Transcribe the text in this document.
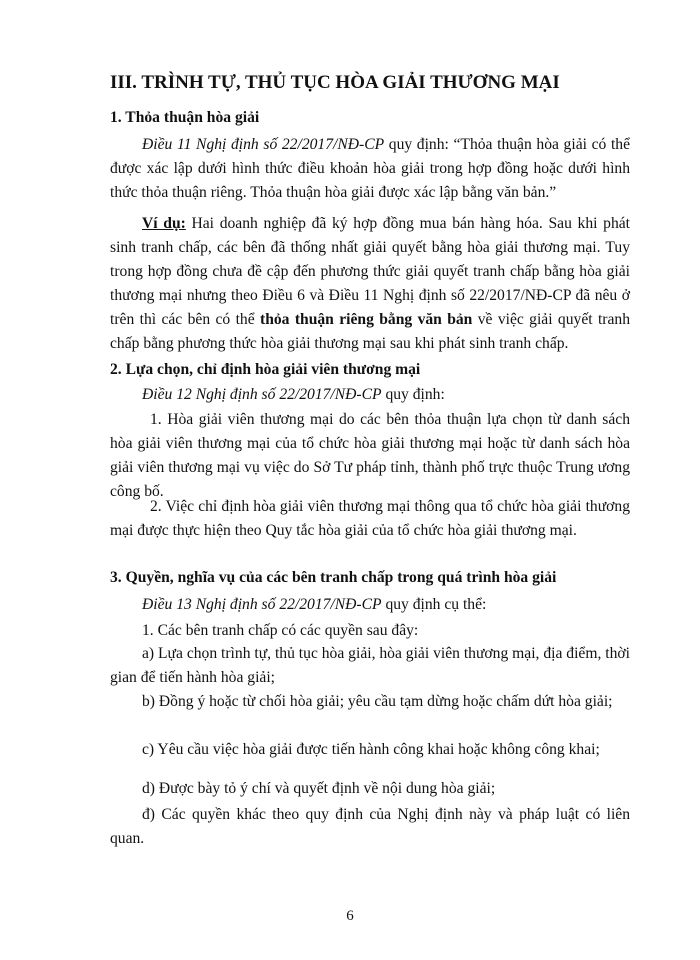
III. TRÌNH TỰ, THỦ TỤC HÒA GIẢI THƯƠNG MẠI
1. Thỏa thuận hòa giải
Điều 11 Nghị định số 22/2017/NĐ-CP quy định: “Thỏa thuận hòa giải có thể được xác lập dưới hình thức điều khoản hòa giải trong hợp đồng hoặc dưới hình thức thỏa thuận riêng. Thỏa thuận hòa giải được xác lập bằng văn bản.”
Ví dụ: Hai doanh nghiệp đã ký hợp đồng mua bán hàng hóa. Sau khi phát sinh tranh chấp, các bên đã thống nhất giải quyết bằng hòa giải thương mại. Tuy trong hợp đồng chưa đề cập đến phương thức giải quyết tranh chấp bằng hòa giải thương mại nhưng theo Điều 6 và Điều 11 Nghị định số 22/2017/NĐ-CP đã nêu ở trên thì các bên có thể thỏa thuận riêng bằng văn bản về việc giải quyết tranh chấp bằng phương thức hòa giải thương mại sau khi phát sinh tranh chấp.
2. Lựa chọn, chỉ định hòa giải viên thương mại
Điều 12 Nghị định số 22/2017/NĐ-CP quy định:
1. Hòa giải viên thương mại do các bên thỏa thuận lựa chọn từ danh sách hòa giải viên thương mại của tổ chức hòa giải thương mại hoặc từ danh sách hòa giải viên thương mại vụ việc do Sở Tư pháp tỉnh, thành phố trực thuộc Trung ương công bố.
2. Việc chỉ định hòa giải viên thương mại thông qua tổ chức hòa giải thương mại được thực hiện theo Quy tắc hòa giải của tổ chức hòa giải thương mại.
3. Quyền, nghĩa vụ của các bên tranh chấp trong quá trình hòa giải
Điều 13 Nghị định số 22/2017/NĐ-CP quy định cụ thể:
1. Các bên tranh chấp có các quyền sau đây:
a) Lựa chọn trình tự, thủ tục hòa giải, hòa giải viên thương mại, địa điểm, thời gian để tiến hành hòa giải;
b) Đồng ý hoặc từ chối hòa giải; yêu cầu tạm dừng hoặc chấm dứt hòa giải;
c) Yêu cầu việc hòa giải được tiến hành công khai hoặc không công khai;
d) Được bày tỏ ý chí và quyết định về nội dung hòa giải;
đ) Các quyền khác theo quy định của Nghị định này và pháp luật có liên quan.
6
